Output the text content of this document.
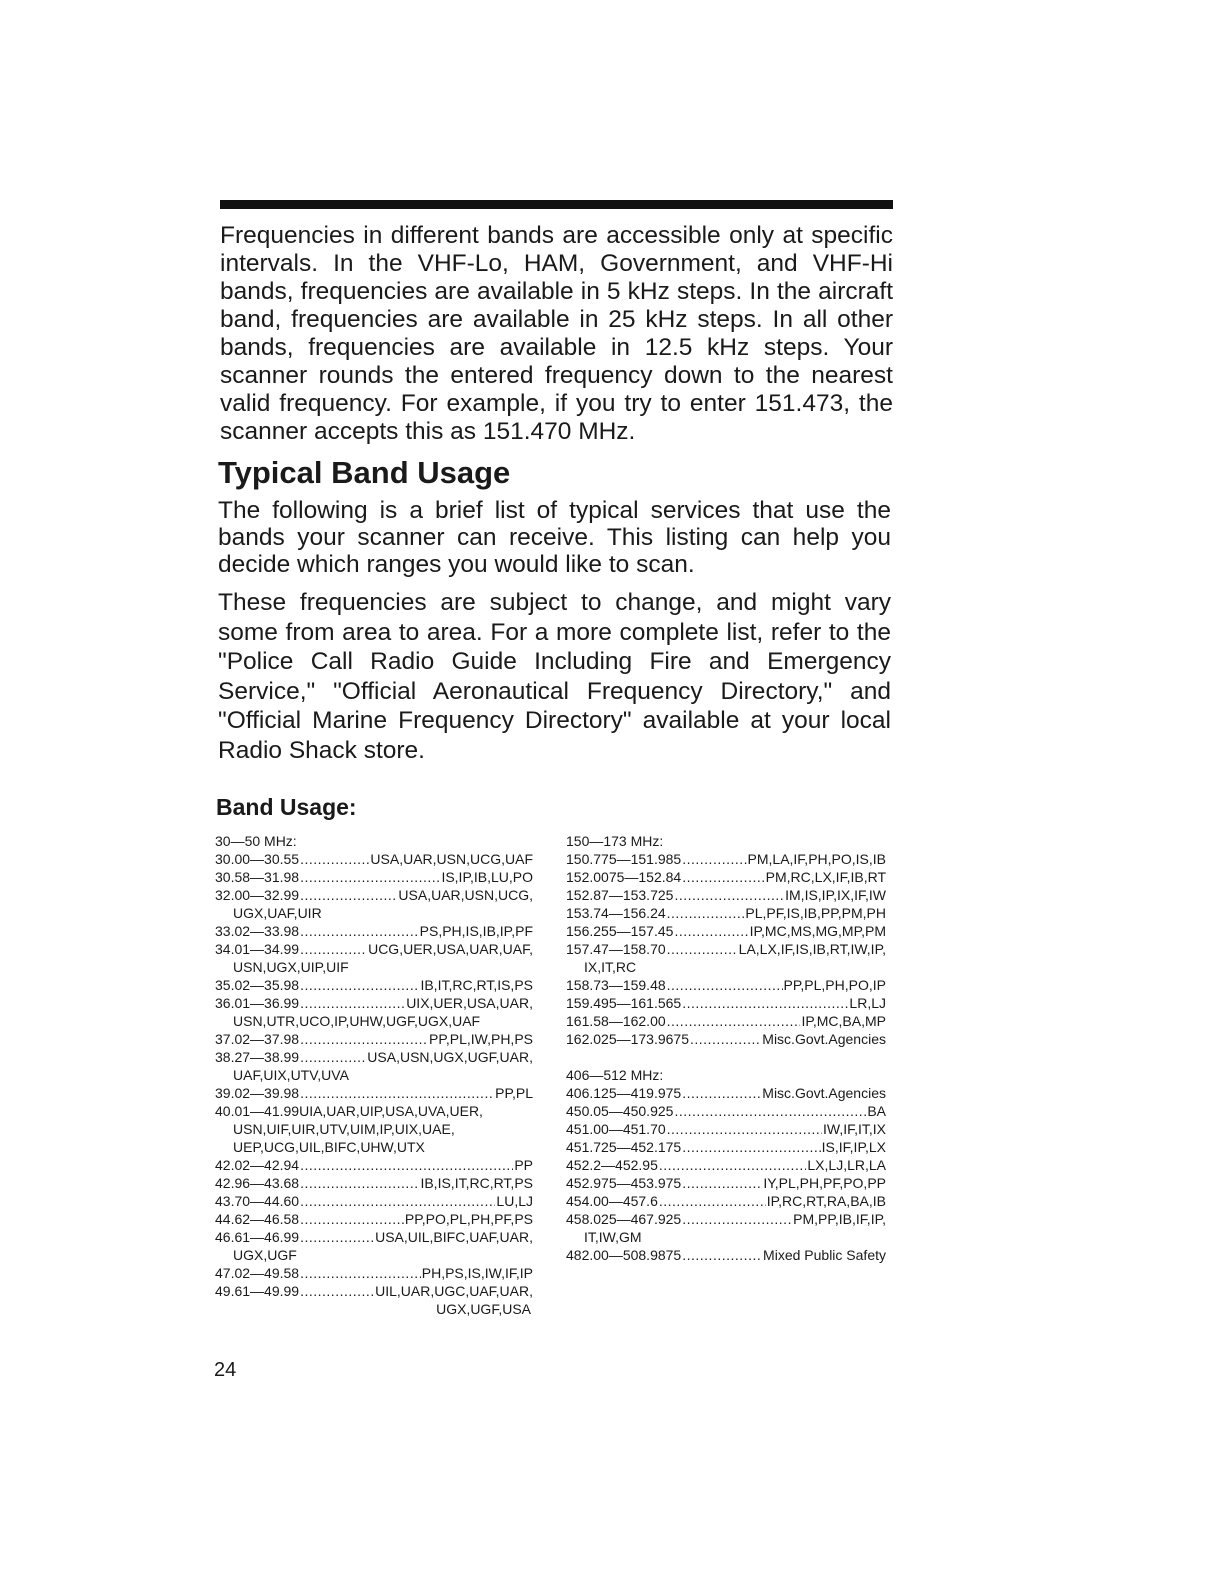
Frequencies in different bands are accessible only at specific intervals. In the VHF-Lo, HAM, Government, and VHF-Hi bands, frequencies are available in 5 kHz steps. In the aircraft band, frequencies are available in 25 kHz steps. In all other bands, frequencies are available in 12.5 kHz steps. Your scanner rounds the entered frequency down to the nearest valid frequency. For example, if you try to enter 151.473, the scanner accepts this as 151.470 MHz.

Typical Band Usage

The following is a brief list of typical services that use the bands your scanner can receive. This listing can help you decide which ranges you would like to scan.

These frequencies are subject to change, and might vary some from area to area. For a more complete list, refer to the "Police Call Radio Guide Including Fire and Emergency Service," "Official Aeronautical Frequency Directory," and "Official Marine Frequency Directory" available at your local Radio Shack store.

Band Usage:
30—50 MHz:
30.00—30.55 .....	USA,UAR,USN,UCG,UAF
30.58—31.98 .....	IS,IP,IB,LU,PO
32.00—32.99 .....	USA,UAR,USN,UCG,
UGX,UAF,UIR
33.02—33.98 .....	PS,PH,IS,IB,IP,PF
34.01—34.99 .....	UCG,UER,USA,UAR,UAF,
USN,UGX,UIP,UIF
35.02—35.98 .....	IB,IT,RC,RT,IS,PS
36.01—36.99 .....	UIX,UER,USA,UAR,
USN,UTR,UCO,IP,UHW,UGF,UGX,UAF
37.02—37.98 .....	PP,PL,IW,PH,PS
38.27—38.99 .....	USA,USN,UGX,UGF,UAR,
UAF,UIX,UTV,UVA
39.02—39.98 .....	PP,PL
40.01—41.99 UIA,UAR,UIP,USA,UVA,UER,
USN,UIF,UIR,UTV,UIM,IP,UIX,UAE,
UEP,UCG,UIL,BIFC,UHW,UTX
42.02—42.94 .....	PP
42.96—43.68 .....	IB,IS,IT,RC,RT,PS
43.70—44.60 .....	LU,LJ
44.62—46.58 .....	PP,PO,PL,PH,PF,PS
46.61—46.99 .....	USA,UIL,BIFC,UAF,UAR,
UGX,UGF
47.02—49.58 .....	PH,PS,IS,IW,IF,IP
49.61—49.99 .....	UIL,UAR,UGC,UAF,UAR,
UGX,UGF,USA
150—173 MHz:
150.775—151.985 .....	PM,LA,IF,PH,PO,IS,IB
152.0075—152.84 .....	PM,RC,LX,IF,IB,RT
152.87—153.725 .....	IM,IS,IP,IX,IF,IW
153.74—156.24 .....	PL,PF,IS,IB,PP,PM,PH
156.255—157.45 .....	IP,MC,MS,MG,MP,PM
157.47—158.70 .....	LA,LX,IF,IS,IB,RT,IW,IP,
IX,IT,RC
158.73—159.48 .....	PP,PL,PH,PO,IP
159.495—161.565 .....	LR,LJ
161.58—162.00 .....	IP,MC,BA,MP
162.025—173.9675 .....	Misc.Govt.Agencies
406—512 MHz:
406.125—419.975 .....	Misc.Govt.Agencies
450.05—450.925 .....	BA
451.00—451.70 .....	IW,IF,IT,IX
451.725—452.175 .....	IS,IF,IP,LX
452.2—452.95 .....	LX,LJ,LR,LA
452.975—453.975 .....	IY,PL,PH,PF,PO,PP
454.00—457.6 .....	IP,RC,RT,RA,BA,IB
458.025—467.925 .....	PM,PP,IB,IF,IP,
IT,IW,GM
482.00—508.9875 .....	Mixed Public Safety
24
